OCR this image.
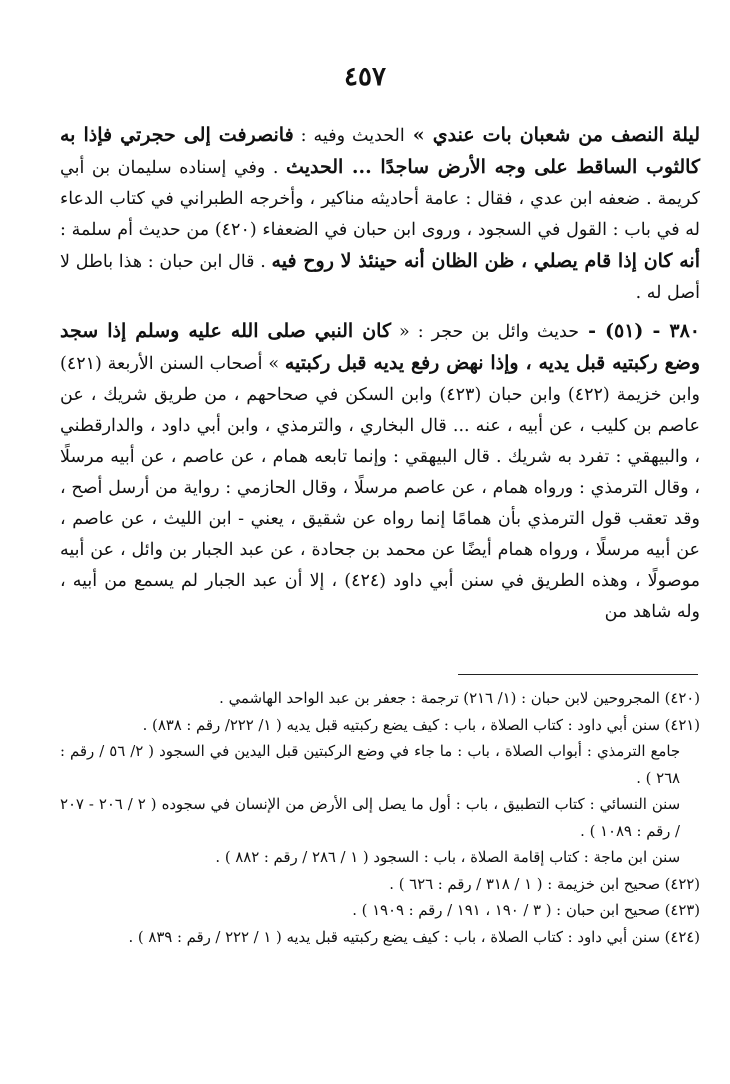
٤٥٧

ليلة النصف من شعبان بات عندي » الحديث وفيه : فانصرفت إلى حجرتي فإذا به كالثوب الساقط على وجه الأرض ساجدًا ... الحديث . وفي إسناده سليمان بن أبي كريمة . ضعفه ابن عدي ، فقال : عامة أحاديثه مناكير ، وأخرجه الطبراني في كتاب الدعاء له في باب : القول في السجود ، وروى ابن حبان في الضعفاء (٤٢٠) من حديث أم سلمة : أنه كان إذا قام يصلي ، ظن الظان أنه حينئذ لا روح فيه . قال ابن حبان : هذا باطل لا أصل له .

٣٨٠ - (٥١) - حديث وائل بن حجر : « كان النبي صلى الله عليه وسلم إذا سجد وضع ركبتيه قبل يديه ، وإذا نهض رفع يديه قبل ركبتيه » أصحاب السنن الأربعة (٤٢١) وابن خزيمة (٤٢٢) وابن حبان (٤٢٣) وابن السكن في صحاحهم ، من طريق شريك ، عن عاصم بن كليب ، عن أبيه ، عنه ... قال البخاري ، والترمذي ، وابن أبي داود ، والدارقطني ، والبيهقي : تفرد به شريك . قال البيهقي : وإنما تابعه همام ، عن عاصم ، عن أبيه مرسلًا ، وقال الترمذي : ورواه همام ، عن عاصم مرسلًا ، وقال الحازمي : رواية من أرسل أصح ، وقد تعقب قول الترمذي بأن همامًا إنما رواه عن شقيق ، يعني - ابن الليث ، عن عاصم ، عن أبيه مرسلًا ، ورواه همام أيضًا عن محمد بن جحادة ، عن عبد الجبار بن وائل ، عن أبيه موصولًا ، وهذه الطريق في سنن أبي داود (٤٢٤) ، إلا أن عبد الجبار لم يسمع من أبيه ، وله شاهد من

(٤٢٠) المجروحين لابن حبان : (١/ ٢١٦) ترجمة : جعفر بن عبد الواحد الهاشمي .

(٤٢١) سنن أبي داود : كتاب الصلاة ، باب : كيف يضع ركبتيه قبل يديه ( ١/ ٢٢٢/ رقم : ٨٣٨) .

جامع الترمذي : أبواب الصلاة ، باب : ما جاء في وضع الركبتين قبل اليدين في السجود ( ٢/ ٥٦ / رقم : ٢٦٨ ) .

سنن النسائي : كتاب التطبيق ، باب : أول ما يصل إلى الأرض من الإنسان في سجوده ( ٢ / ٢٠٦ - ٢٠٧ / رقم : ١٠٨٩ ) .

سنن ابن ماجة : كتاب إقامة الصلاة ، باب : السجود ( ١ / ٢٨٦ / رقم : ٨٨٢ ) .

(٤٢٢) صحيح ابن خزيمة : ( ١ / ٣١٨ / رقم : ٦٢٦ ) .

(٤٢٣) صحيح ابن حبان : ( ٣ / ١٩٠ ، ١٩١ / رقم : ١٩٠٩ ) .

(٤٢٤) سنن أبي داود : كتاب الصلاة ، باب : كيف يضع ركبتيه قبل يديه ( ١ / ٢٢٢ / رقم : ٨٣٩ ) .
